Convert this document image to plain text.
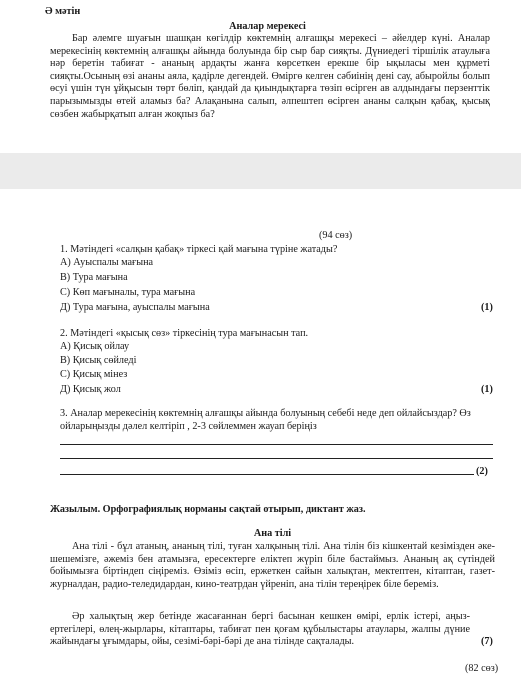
Ә мәтін
Аналар мерекесі
Бар әлемге шуағын шашқан көгілдір көктемнің алғашқы мерекесі – әйелдер күні. Аналар мерекесінің көктемнің алғашқы айында болуында бір сыр бар сияқты. Дүниедегі тіршілік атаулыға нәр беретін табиғат - ананың ардақты жанға көрсеткен ерекше бір ықыласы мен құрметі сияқты.Осының өзі ананы аяла, қадірле дегендей. Өміргө келген сәбиінің дені сау, абыройлы болып өсуі үшін түн ұйқысын төрт бөліп, қандай да қиындықтарға төзіп өсірген ав алдындағы перзенттік парызымызды өтей аламыз ба? Алақанына салып, әлпештеп өсірген ананы салқын қабақ, қысық сөзбен жабырқатып алған жоқпыз ба?
(94 сөз)
1. Мәтіндегі «салқын қабақ» тіркесі қай мағына түріне жатады?
А) Ауыспалы мағына
В) Тура мағына
С) Көп мағыналы, тура мағына
Д) Тура мағына, ауыспалы мағына	(1)
2. Мәтіндегі «қысық сөз» тіркесінің тура мағынасын тап.
А) Қисық ойлау
В) Қисық сөйледі
С) Қисық мінез
Д) Қисық жол	(1)
3. Аналар мерекесінің көктемнің алғашқы айында болуының себебі неде деп ойлайсыздар? Өз ойларыңызды дәлел келтіріп , 2-3 сөйлеммен жауап беріңіз
(2)
Жазылым. Орфографиялық норманы сақтай отырып, диктант жаз.
Ана тілі
Ана тілі - бұл атаның, ананың тілі, туған халқының тілі. Ана тілін біз кішкентай кезімізден әке-шешемізге, әжеміз бен атамызға, ересектерге еліктеп жүріп біле бастаймыз. Ананың ақ сүтіндей бойымызға біртіндеп сіңіреміз. Өзіміз өсіп, ержеткен сайын халықтан, мектептен, кітаптан, газет-журналдан, радио-теледидардан, кино-театрдан үйреніп, ана тілін тереңірек біле береміз.
Әр халықтың жер бетінде жасағаннан бергі басынан кешкен өмірі, ерлік істері, аңыз-ертегілері, өлең-жырлары, кітаптары, табиғат пен қоғам құбылыстары атаулары, жалпы дүние жайындағы ұғымдары, ойы, сезімі-бәрі-бәрі де ана тілінде сақталады.	(7)
(82 сөз)
